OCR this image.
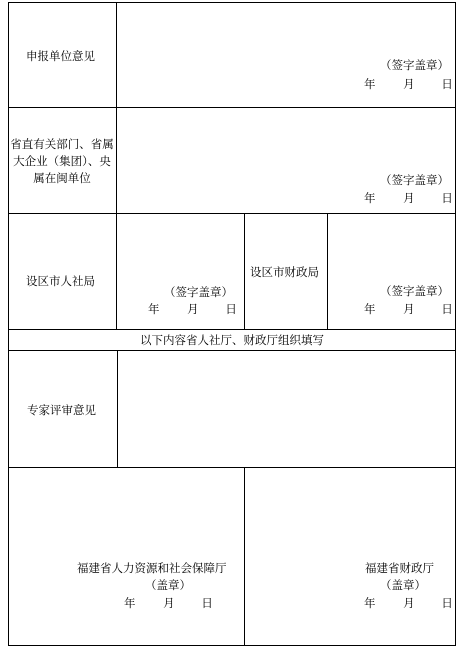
申报单位意见
（签字盖章）
年 月 日
省直有关部门、省属
大企业（集团）、央
属在闽单位	（签字盖章）
年 月 日
设区市人社局
（签字盖章）
年 月 日
设区市财政局
（签字盖章）
年 月 日
以下内容省人社厅、财政厅组织填写
专家评审意见
福建省人力资源和社会保障厅
（盖章）
年 月 日
福建省财政厅
（盖章）
年 月 日
